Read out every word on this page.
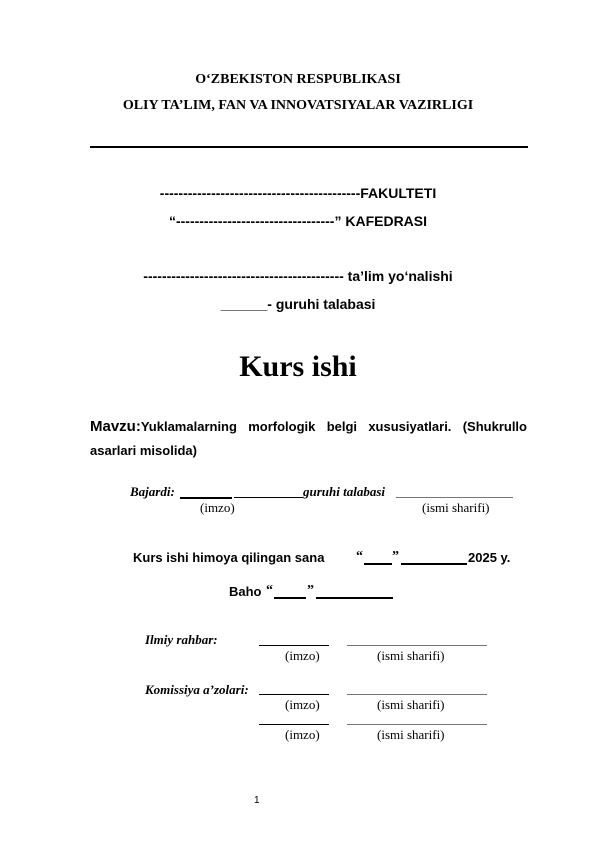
O‘ZBEKISTON RESPUBLIKASI
OLIY TA’LIM, FAN VA INNOVATSIYALAR VAZIRLIGI
-------------------------------------------FAKULTETI
“----------------------------------” KAFEDRASI
------------------------------------------- ta’lim yo‘nalishi
______- guruhi talabasi
Kurs ishi
Mavzu:Yuklamalarning morfologik belgi xususiyatlari. (Shukrullo
asarlari misolida)
Bajardi:	guruhi talabasi
(imzo)	(ismi sharifi)
Kurs ishi himoya qilingan sana “ ”	2025 y.
Baho “ ”
Ilmiy rahbar:
(imzo)	(ismi sharifi)
Komissiya a’zolari:
(imzo)	(ismi sharifi)
(imzo)	(ismi sharifi)
1
